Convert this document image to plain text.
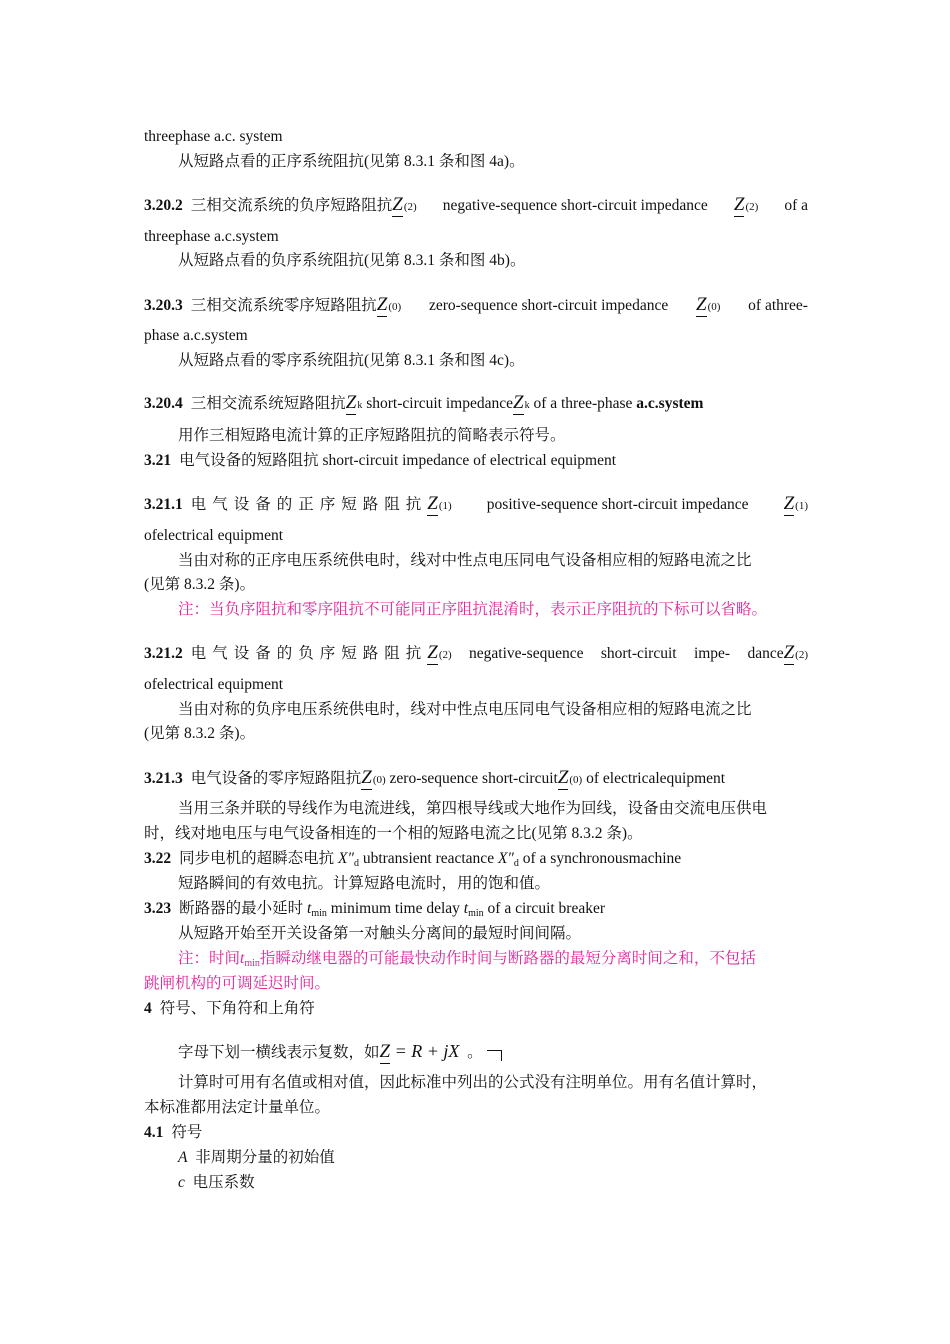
threephase a.c. system
从短路点看的正序系统阻抗(见第 8.3.1 条和图 4a)。
3.20.2 三相交流系统的负序短路阻抗 Z (2) negative-sequence short-circuit impedance Z (2) of a
threephase a.c.system
从短路点看的负序系统阻抗(见第 8.3.1 条和图 4b)。
3.20.3 三相交流系统零序短路阻抗 Z (0) zero-sequence short-circuit impedance Z (0) of athree-
phase a.c.system
从短路点看的零序系统阻抗(见第 8.3.1 条和图 4c)。
3.20.4 三相交流系统短路阻抗 Z k short-circuit impedance Z k of a three-phase a.c.system
用作三相短路电流计算的正序短路阻抗的简略表示符号。
3.21 电气设备的短路阻抗 short-circuit impedance of electrical equipment
3.21.1 电气设备的正序短路阻抗 Z (1) positive-sequence short-circuit impedance Z (1)
ofelectrical equipment
当由对称的正序电压系统供电时，线对中性点电压同电气设备相应相的短路电流之比
(见第 8.3.2 条)。
注：当负序阻抗和零序阻抗不可能同正序阻抗混淆时，表示正序阻抗的下标可以省略。
3.21.2 电气设备的负序短路阻抗 Z (2) negative-sequence short-circuit impe- dance Z (2)
ofelectrical equipment
当由对称的负序电压系统供电时，线对中性点电压同电气设备相应相的短路电流之比
(见第 8.3.2 条)。
3.21.3 电气设备的零序短路阻抗 Z (0) zero-sequence short-circuit Z (0) of electricalequipment
当用三条并联的导线作为电流进线，第四根导线或大地作为回线，设备由交流电压供电
时，线对地电压与电气设备相连的一个相的短路电流之比(见第 8.3.2 条)。
3.22 同步电机的超瞬态电抗 $X''_d$ ubtransient reactance $X''_d$ of a synchronousmachine
短路瞬间的有效电抗。计算短路电流时，用的饱和值。
3.23 断路器的最小延时 $t_{min}$ minimum time delay $t_{min}$ of a circuit breaker
从短路开始至开关设备第一对触头分离间的最短时间间隔。
注：时间$t_{min}$指瞬动继电器的可能最快动作时间与断路器的最短分离时间之和，不包括
跳闸机构的可调延迟时间。
4 符号、下角符和上角符
字母下划一横线表示复数，如 Z
= R + jX 。
计算时可用有名值或相对值，因此标准中列出的公式没有注明单位。用有名值计算时，
本标准都用法定计量单位。
4.1 符号
A 非周期分量的初始值
c 电压系数
